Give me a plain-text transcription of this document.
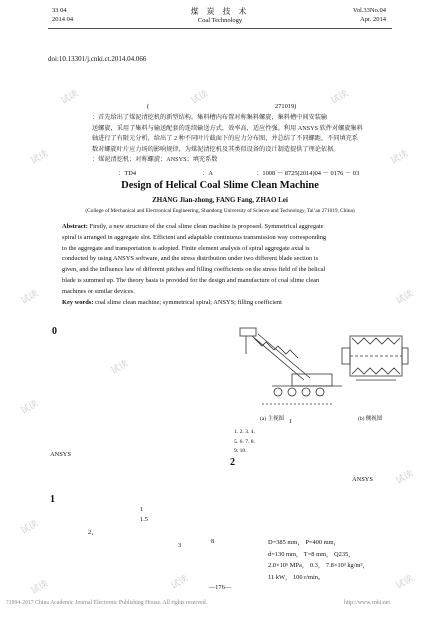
33 04
2014 04
煤 炭 技 术
Coal Technology
Vol.33No.04
Apr. 2014
doi:10.13301/j.cnki.ct.2014.04.066
(	271019)
：首先给出了煤泥清挖机的新型结构，集料槽内布置对称集料螺旋，集料槽中间安装输
送螺旋，采用了集料与输送配套的连续输送方式，效率高，适应性强。利用 ANSYS 软件对螺旋集料
轴进行了有限元分析，给出了 2 种不同叶片截面下的应力分布图，并总结了不同螺距、不同填充系
数对螺旋叶片应力场的影响规律，为煤泥清挖机及其类似设备的设计制造提供了理论依据。
：煤泥清挖机；对称螺旋；ANSYS；填充系数
：TD4	：A	：1008 － 8725(2014)04 － 0176 － 03
Design of Helical Coal Slime Clean Machine
ZHANG Jian-zhong, FANG Fang, ZHAO Lei
(College of Mechanical and Electronical Engineering, Shandong University of Science and Technology, Tai’an 271019, China)
Abstract: Firstly, a new structure of the coal slime clean machine is proposed. Symmetrical aggregate
spiral is arranged in aggregate slot. Efficient and adaptable continuous transmission way corresponding
to the aggregate and transportation is adopted. Finite element analysis of spiral aggregate axial is
conducted by using ANSYS software, and the stress distribution under two different blade section is
given, and the influence law of different pitches and filling coefficients on the stress field of the helical
blade is summed up. The theory basis is provided for the design and manufacture of coal slime clean
machines or similar devices.
Key words: coal slime clean machine; symmetrical spiral; ANSYS; filling coefficient
0
ANSYS
1
1
2、
1.5
3
8
2
ANSYS
D=385 mm， P=400 mm，
d=130 mm， T=8 mm， Q235，
2.0×10⁵ MPa， 0.3， 7.8×10³ kg/m³，
11 kW， 100 r/min。
(a) 主视图	(b) 侧视图
1
1. 2. 3. 4.
5. 6. 7. 8.
9. 10.
试读	试读	试读
试读	试读
试读	试读
试读
试读
试读
试读
试读	试读
试读	—176—
?1994-2017 China Academic Journal Electronic Publishing House. All rights reserved.	http://www.cnki.net
